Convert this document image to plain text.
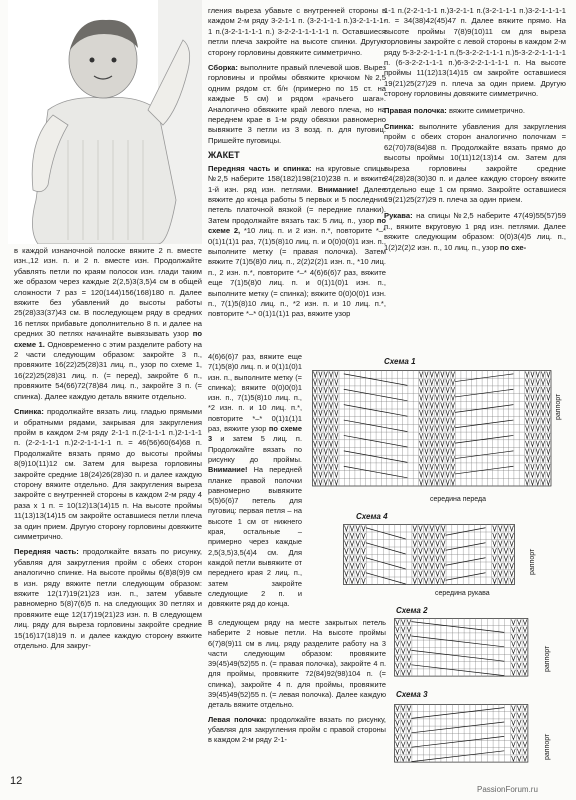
в каждой изнаночной полоске вяжите 2 п. вместе изн.,12 изн. п. и 2 п. вместе изн. Продолжайте убавлять петли по краям полосок изн. глади таким же образом через каждые 2(2,5)3(3,5)4 см в общей сложности 7 раз = 120(144)156(168)180 п. Далее вяжите без убавлений до высоты работы 25(28)33(37)43 см. В последующем ряду в средних 16 петлях прибавьте дополнительно 8 п. и далее на средних 30 петлях начинайте вывязывать узор по схеме 1. Одновременно с этим разделите работу на 2 части следующим образом: закройте 3 п., провяжите 16(22)25(28)31 лиц. п., узор по схеме 1, 16(22)25(28)31 лиц. п. (= перед), закройте 6 п., провяжите 54(66)72(78)84 лиц. п., закройте 3 п. (= спинка). Далее каждую деталь вяжите отдельно.

Спинка: продолжайте вязать лиц. гладью прямыми и обратными рядами, закрывая для закругления пройм в каждом 2-м ряду 2-1-1 п.(2-1-1-1 п.)2-1-1-1 п. (2-2-1-1-1 п.)2-2-1-1-1-1 п. = 46(56)60(64)68 п. Продолжайте вязать прямо до высоты проймы 8(9)10(11)12 см. Затем для выреза горловины закройте средние 18(24)26(28)30 п. и далее каждую сторону вяжите отдельно. Для закругления выреза закройте с внутренней стороны в каждом 2-м ряду 4 раза х 1 п. = 10(12)13(14)15 п. На высоте проймы 11(13)13(14)15 см закройте оставшиеся петли плеча за один прием. Другую сторону горловины довяжите симметрично.

Передняя часть: продолжайте вязать по рисунку, убавляя для закругления пройм с обеих сторон аналогично спинке. На высоте проймы 6(8)8(9)9 см в изн. ряду вяжите петли следующим образом: вяжите 12(17)19(21)23 изн. п., затем убавьте равномерно 5(8)7(6)5 п. на следующих 30 петлях и провяжите еще 12(17)19(21)23 изн. п. В следующем лиц. ряду для выреза горловины закройте средние 15(16)17(18)19 п. и далее каждую сторону вяжите отдельно. Для закруг-

гления выреза убавьте с внутренней стороны в каждом 2-м ряду 3-2-1-1 п. (3-2-1-1-1 п.)3-2-1-1-1-1 п.(3-2-1-1-1-1 п.) 3-2-2-1-1-1-1-1 п. Оставшиеся петли плеча закройте на высоте спинки. Другую сторону горловины довяжите симметрично.

Сборка: выполните правый плечевой шов. Вырез горловины и проймы обвяжите крючком №2,5 одним рядом ст. б/н (примерно по 15 ст. на каждые 5 см) и рядом «рачьего шага». Аналогично обвяжите край левого плеча, но на переднем крае в 1-м ряду обвязки равномерно вывяжите 3 петли из 3 возд. п. для пуговиц. Пришейте пуговицы.

ЖАКЕТ

Передняя часть и спинка: на круговые спицы №2,5 наберите 158(182)198(210)238 п. и вяжите 1-й изн. ряд изн. петлями. Внимание! Далее вяжите до конца работы 5 первых и 5 последних петель платочной вязкой (= передние планки). Затем продолжайте вязать так: 5 лиц. п., узор по схеме 2, *10 лиц. п. и 2 изн. п.*, повторите *–* 0(1)1(1)1 раз, 7(1)5(8)10 лиц. п. и 0(0)0(0)1 изн. п., выполните метку (= правая полочка). Затем вяжите 7(1)5(8)0 лиц. п., 2(2)2(2)1 изн. п., *10 лиц. п., 2 изн. п.*, повторите *–* 4(6)6(6)7 раз, вяжите еще 7(1)5(8)0 лиц. п. и 0(1)1(0)1 изн. п., выполните метку (= спинка); вяжите 0(0)0(0)1 изн. п., 7(1)5(8)10 лиц. п., *2 изн. п. и 10 лиц. п.*, повторите *–* 0(1)1(1)1 раз, вяжите узор

4(6)6(6)7 раз, вяжите еще 7(1)5(8)0 лиц. п. и 0(1)1(0)1 изн. п., выполните метку (= спинка); вяжите 0(0)0(0)1 изн. п., 7(1)5(8)10 лиц. п., *2 изн. п. и 10 лиц. п.*, повторите *–* 0(1)1(1)1 раз, вяжите узор по схеме 3 и затем 5 лиц. п. Продолжайте вязать по рисунку до проймы. Внимание! На передней планке правой полочки равномерно вывяжите 5(5)6(6)7 петель для пуговиц: первая петля – на высоте 1 см от нижнего края, остальные – примерно через каждые 2,5(3,5)3,5(4)4 см. Для каждой петли вывяжите от переднего края 2 лиц. п., затем закройте следующие 2 п. и довяжите ряд до конца.

В следующем ряду на месте закрытых петель наберите 2 новые петли. На высоте проймы 6(7)8(9)11 см в лиц. ряду разделите работу на 3 части следующим образом: провяжите 39(45)49(52)55 п. (= правая полочка), закройте 4 п. для проймы, провяжите 72(84)92(98)104 п. (= спинка), закройте 4 п. для проймы, провяжите 39(45)49(52)55 п. (= левая полочка). Далее каждую деталь вяжите отдельно.

Левая полочка: продолжайте вязать по рисунку, убавляя для закругления пройм с правой стороны в каждом 2-м ряду 2-1-

1-1 п.(2-2-1-1-1 п.)3-2-1-1 п.(3-2-1-1-1 п.)3-2-1-1-1-1 п. = 34(38)42(45)47 п. Далее вяжите прямо. На высоте проймы 7(8)9(10)11 см для выреза горловины закройте с левой стороны в каждом 2-м ряду 5-3-2-2-1-1-1 п.(5-3-2-2-1-1-1 п.)5-3-2-2-1-1-1-1 п. (6-3-2-2-1-1-1 п.)6-3-2-2-1-1-1-1 п. На высоте проймы 11(12)13(14)15 см закройте оставшиеся 19(21)25(27)29 п. плеча за один прием. Другую сторону горловины довяжите симметрично.

Правая полочка: вяжите симметрично.

Спинка: выполните убавления для закругления пройм с обеих сторон аналогично полочкам = 62(70)78(84)88 п. Продолжайте вязать прямо до высоты проймы 10(11)12(13)14 см. Затем для выреза горловины закройте средние 24(28)28(30)30 п. и далее каждую сторону вяжите отдельно еще 1 см прямо. Закройте оставшиеся 19(21)25(27)29 п. плеча за один прием.

Рукава: на спицы №2,5 наберите 47(49)55(57)59 п., вяжите вкруговую 1 ряд изн. петлями. Далее вяжите следующим образом: 0(0)3(4)5 лиц. п., 1(2)2(2)2 изн. п., 10 лиц. п., узор по схе-

Схема 1
середина переда
раппорт
Схема 4
середина рукава
раппорт
Схема 2
раппорт
Схема 3
раппорт
12
PassionForum.ru
